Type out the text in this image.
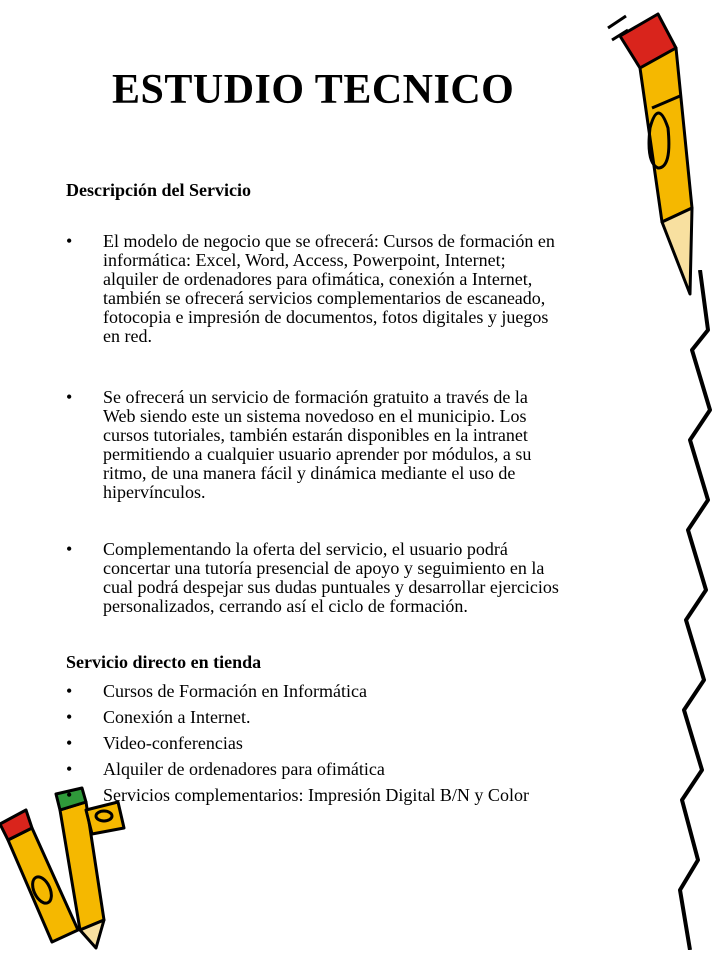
ESTUDIO TECNICO
Descripción del Servicio
• El modelo de negocio que se ofrecerá: Cursos de formación en
informática: Excel, Word, Access, Powerpoint, Internet;
alquiler de ordenadores para ofimática, conexión a Internet,
también se ofrecerá servicios complementarios de escaneado,
fotocopia e impresión de documentos, fotos digitales y juegos
en red.
• Se ofrecerá un servicio de formación gratuito a través de la
Web siendo este un sistema novedoso en el municipio. Los
cursos tutoriales, también estarán disponibles en la intranet
permitiendo a cualquier usuario aprender por módulos, a su
ritmo, de una manera fácil y dinámica mediante el uso de
hipervínculos.
• Complementando la oferta del servicio, el usuario podrá
concertar una tutoría presencial de apoyo y seguimiento en la
cual podrá despejar sus dudas puntuales y desarrollar ejercicios
personalizados, cerrando así el ciclo de formación.
Servicio directo en tienda
• Cursos de Formación en Informática
• Conexión a Internet.
• Video-conferencias
• Alquiler de ordenadores para ofimática
• Servicios complementarios: Impresión Digital B/N y Color
